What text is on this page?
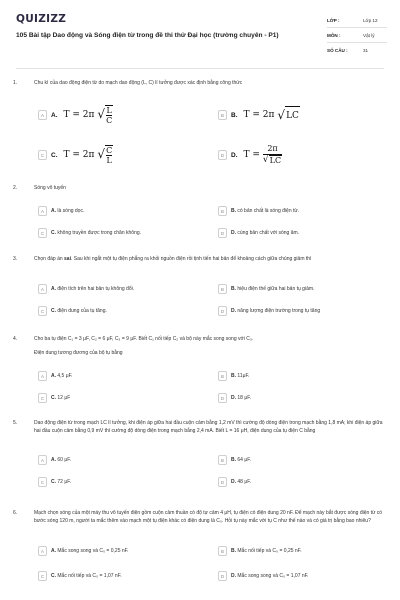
QUIZIZZ
105 Bài tập Dao động và Sóng điện từ trong đề thi thử Đại học (trường chuyên - P1)
LỚP :	Lớp 12
MÔN :	Vật lý
SỐ CÂU :	31
1.	Chu kì của dao động điện từ do mạch dao động (L, C) lí tưởng được xác định bằng công thức
A	A. T = 2π √ $\frac{L}{C}$	B	B. T = 2π √ LC
C	C. T = 2π √ $\frac{C}{L}$	D	D. $T = \frac{2\pi}{√ LC}$
2.	Sóng vô tuyến
A	A. là sóng dọc.	B	B. có bản chất là sóng điện từ.
C	C. không truyền được trong chân không.	D	D. cùng bản chất với sóng âm.
3.	Chọn đáp án sai. Sau khi ngắt một tụ điện phẳng ra khỏi nguồn điện rồi tịnh tiến hai bản để khoảng cách giữa chúng giảm thì
A	A. điện tích trên hai bản tụ không đổi.	B	B. hiệu điện thế giữa hai bản tụ giảm.
C	C. điện dung của tụ tăng.	D	D. năng lượng điện trường trong tụ tăng
4.	Cho ba tụ điện C₁ = 3 μF, C₂ = 6 μF, C₃ = 9 μF. Biết C₁ nối tiếp C₂ và bộ này mắc song song với C₃.
Điện dung tương đương của bộ tụ bằng
A	A. 4,5 μF.	B	B. 11μF.
C	C. 12 μF	D	D. 18 μF.
5.	Dao động điện từ trong mạch LC lí tưởng, khi điện áp giữa hai đầu cuộn cảm bằng 1,2 mV thì cường độ dòng điện trong mạch bằng 1,8 mA; khi điện áp giữa hai đầu cuộn cảm bằng 0,9 mV thì cường độ dòng điện trong mạch bằng 2,4 mA. Biết L = 16 μH, điện dung của tụ điện C bằng
A	A. 60 μF.	B	B. 64 μF.
C	C. 72 μF.	D	D. 48 μF.
6.	Mạch chọn sóng của một máy thu vô tuyến điện gồm cuộn cảm thuần có độ tự cảm 4 μH, tụ điện có điện dung 20 nF. Để mạch này bắt được sóng điện từ có bước sóng 120 m, người ta mắc thêm vào mạch một tụ điện khác có điện dung là C₀. Hỏi tụ này mắc với tụ C như thế nào và có giá trị bằng bao nhiêu?
A	A. Mắc song song và C₀ = 0,25 nF.	B	B. Mắc nối tiếp và C₀ = 0,25 nF.
C	C. Mắc nối tiếp và C₀ = 1,07 nF.	D	D. Mắc song song và C₀ = 1,07 nF.
